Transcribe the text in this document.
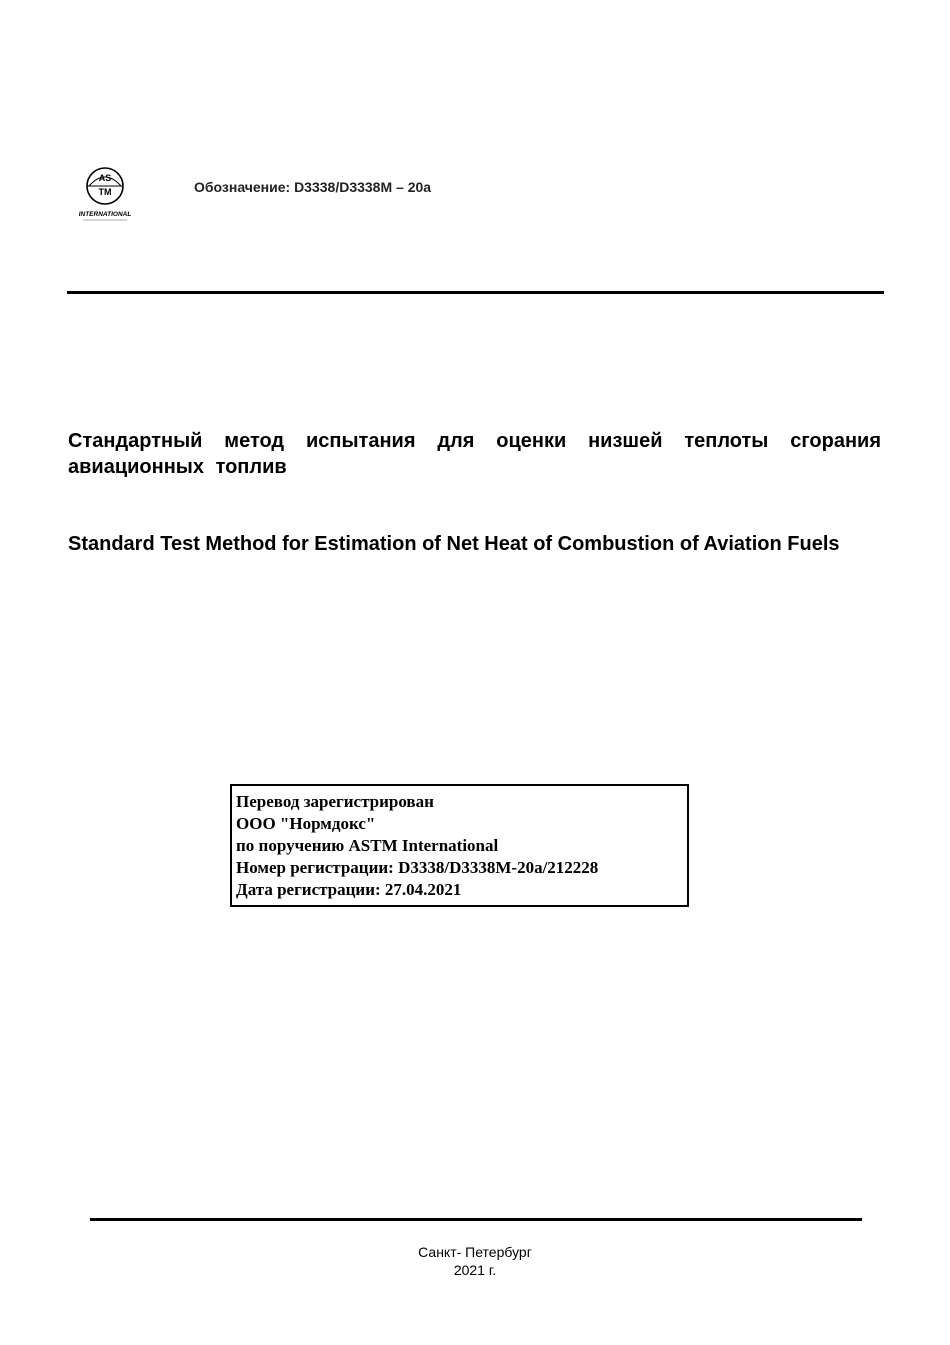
AS
TM
INTERNATIONAL
Обозначение: D3338/D3338M – 20a

Стандартный метод испытания для оценки низшей теплоты сгорания авиационных топлив

Standard Test Method for Estimation of Net Heat of Combustion of Aviation Fuels

Перевод зарегистрирован
ООО "Нормдокс"
по поручению ASTM International
Номер регистрации: D3338/D3338M-20a/212228
Дата регистрации: 27.04.2021
Санкт- Петербург
2021 г.
